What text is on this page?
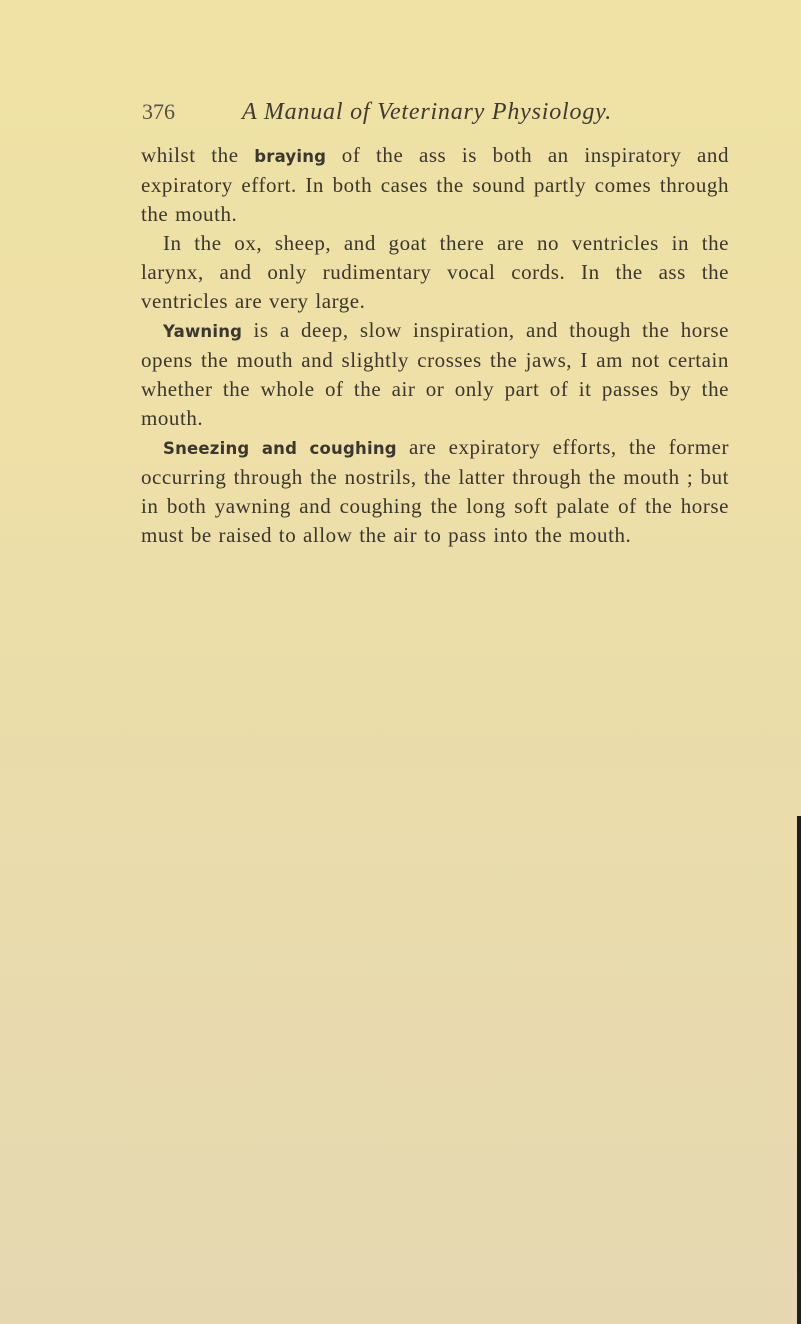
376	A Manual of Veterinary Physiology.

whilst the braying of the ass is both an inspiratory and expiratory effort. In both cases the sound partly comes through the mouth.

In the ox, sheep, and goat there are no ventricles in the larynx, and only rudimentary vocal cords. In the ass the ventricles are very large.

Yawning is a deep, slow inspiration, and though the horse opens the mouth and slightly crosses the jaws, I am not certain whether the whole of the air or only part of it passes by the mouth.

Sneezing and coughing are expiratory efforts, the former occurring through the nostrils, the latter through the mouth ; but in both yawning and coughing the long soft palate of the horse must be raised to allow the air to pass into the mouth.
